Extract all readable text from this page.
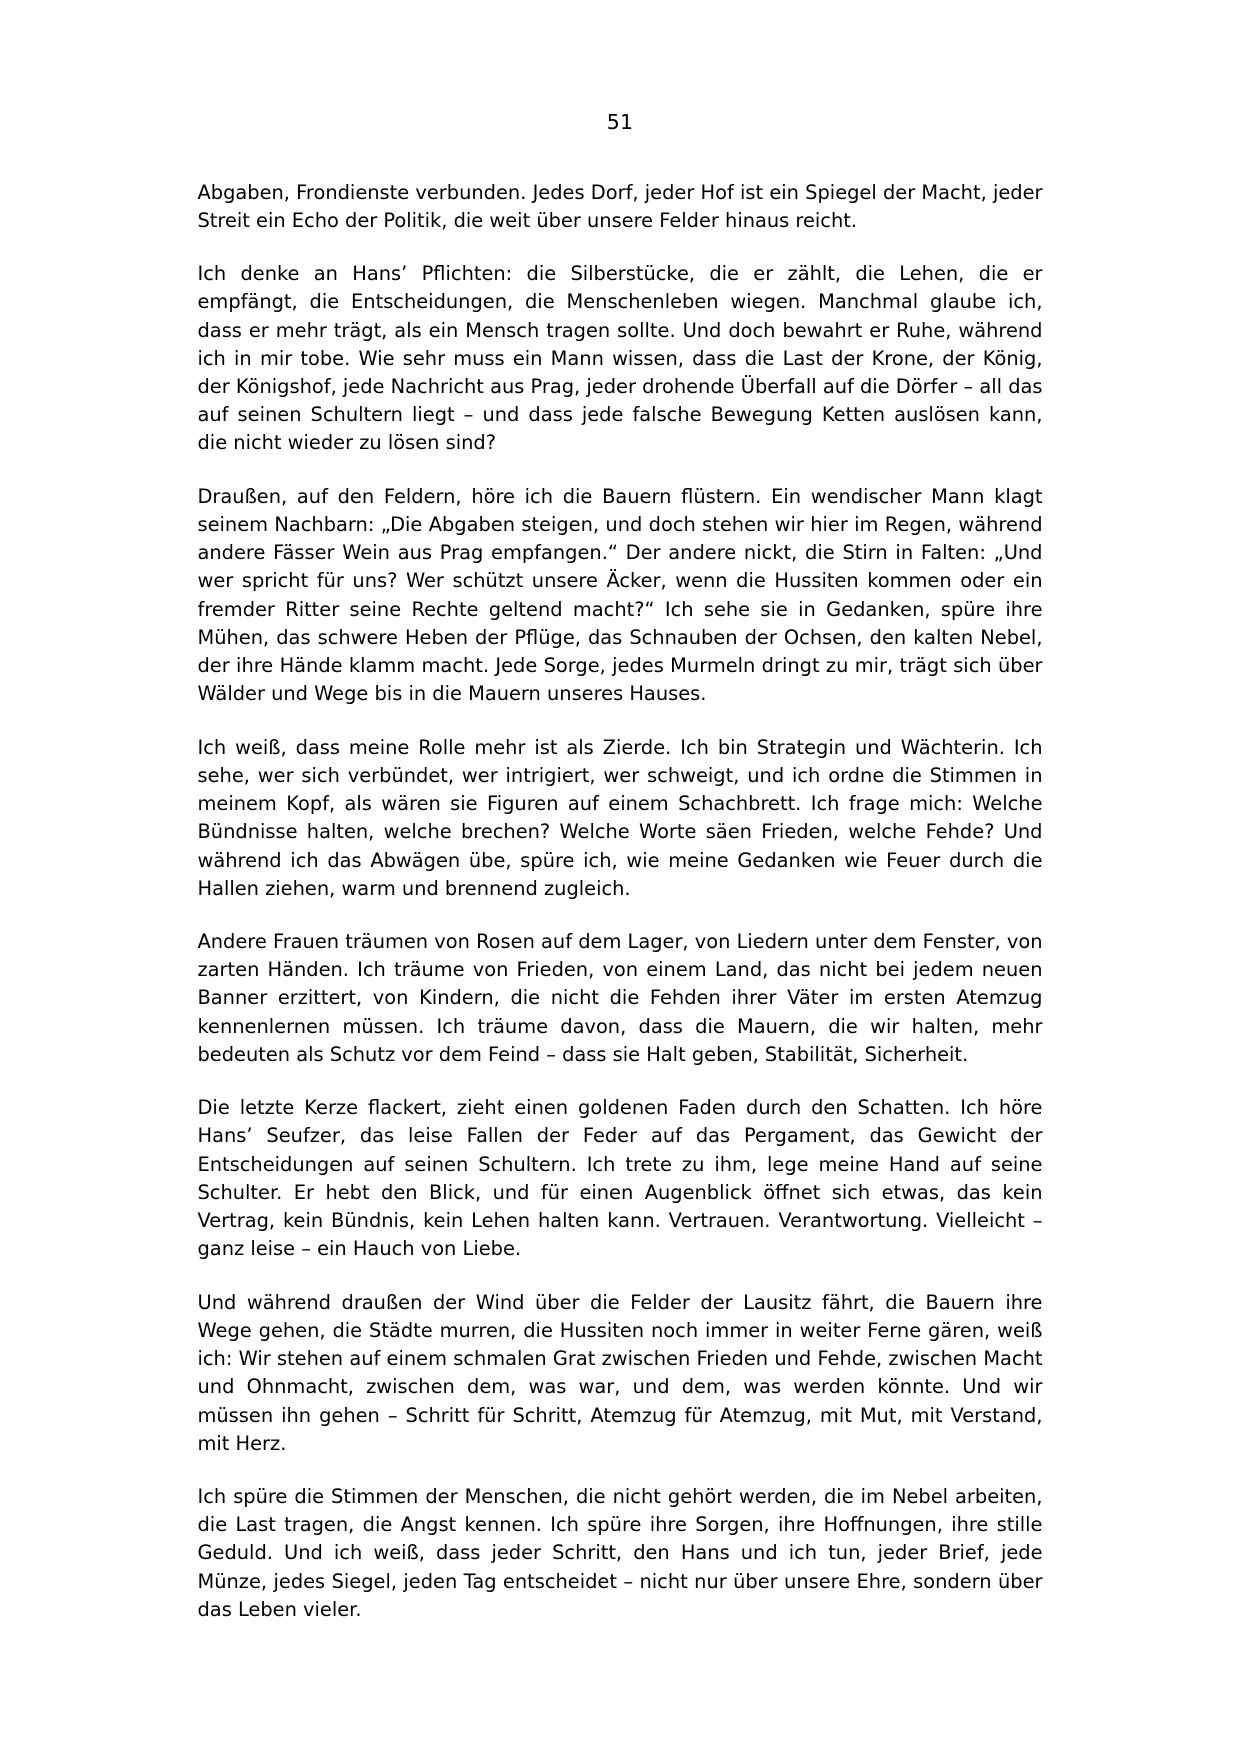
51

Abgaben, Frondienste verbunden. Jedes Dorf, jeder Hof ist ein Spiegel der Macht, jeder Streit ein Echo der Politik, die weit über unsere Felder hinaus reicht.

Ich denke an Hans’ Pflichten: die Silberstücke, die er zählt, die Lehen, die er empfängt, die Entscheidungen, die Menschenleben wiegen. Manchmal glaube ich, dass er mehr trägt, als ein Mensch tragen sollte. Und doch bewahrt er Ruhe, während ich in mir tobe. Wie sehr muss ein Mann wissen, dass die Last der Krone, der König, der Königshof, jede Nachricht aus Prag, jeder drohende Überfall auf die Dörfer – all das auf seinen Schultern liegt – und dass jede falsche Bewegung Ketten auslösen kann, die nicht wieder zu lösen sind?

Draußen, auf den Feldern, höre ich die Bauern flüstern. Ein wendischer Mann klagt seinem Nachbarn: „Die Abgaben steigen, und doch stehen wir hier im Regen, während andere Fässer Wein aus Prag empfangen.“ Der andere nickt, die Stirn in Falten: „Und wer spricht für uns? Wer schützt unsere Äcker, wenn die Hussiten kommen oder ein fremder Ritter seine Rechte geltend macht?“ Ich sehe sie in Gedanken, spüre ihre Mühen, das schwere Heben der Pflüge, das Schnauben der Ochsen, den kalten Nebel, der ihre Hände klamm macht. Jede Sorge, jedes Murmeln dringt zu mir, trägt sich über Wälder und Wege bis in die Mauern unseres Hauses.

Ich weiß, dass meine Rolle mehr ist als Zierde. Ich bin Strategin und Wächterin. Ich sehe, wer sich verbündet, wer intrigiert, wer schweigt, und ich ordne die Stimmen in meinem Kopf, als wären sie Figuren auf einem Schachbrett. Ich frage mich: Welche Bündnisse halten, welche brechen? Welche Worte säen Frieden, welche Fehde? Und während ich das Abwägen übe, spüre ich, wie meine Gedanken wie Feuer durch die Hallen ziehen, warm und brennend zugleich.

Andere Frauen träumen von Rosen auf dem Lager, von Liedern unter dem Fenster, von zarten Händen. Ich träume von Frieden, von einem Land, das nicht bei jedem neuen Banner erzittert, von Kindern, die nicht die Fehden ihrer Väter im ersten Atemzug kennenlernen müssen. Ich träume davon, dass die Mauern, die wir halten, mehr bedeuten als Schutz vor dem Feind – dass sie Halt geben, Stabilität, Sicherheit.

Die letzte Kerze flackert, zieht einen goldenen Faden durch den Schatten. Ich höre Hans’ Seufzer, das leise Fallen der Feder auf das Pergament, das Gewicht der Entscheidungen auf seinen Schultern. Ich trete zu ihm, lege meine Hand auf seine Schulter. Er hebt den Blick, und für einen Augenblick öffnet sich etwas, das kein Vertrag, kein Bündnis, kein Lehen halten kann. Vertrauen. Verantwortung. Vielleicht – ganz leise – ein Hauch von Liebe.

Und während draußen der Wind über die Felder der Lausitz fährt, die Bauern ihre Wege gehen, die Städte murren, die Hussiten noch immer in weiter Ferne gären, weiß ich: Wir stehen auf einem schmalen Grat zwischen Frieden und Fehde, zwischen Macht und Ohnmacht, zwischen dem, was war, und dem, was werden könnte. Und wir müssen ihn gehen – Schritt für Schritt, Atemzug für Atemzug, mit Mut, mit Verstand, mit Herz.

Ich spüre die Stimmen der Menschen, die nicht gehört werden, die im Nebel arbeiten, die Last tragen, die Angst kennen. Ich spüre ihre Sorgen, ihre Hoffnungen, ihre stille Geduld. Und ich weiß, dass jeder Schritt, den Hans und ich tun, jeder Brief, jede Münze, jedes Siegel, jeden Tag entscheidet – nicht nur über unsere Ehre, sondern über das Leben vieler.
